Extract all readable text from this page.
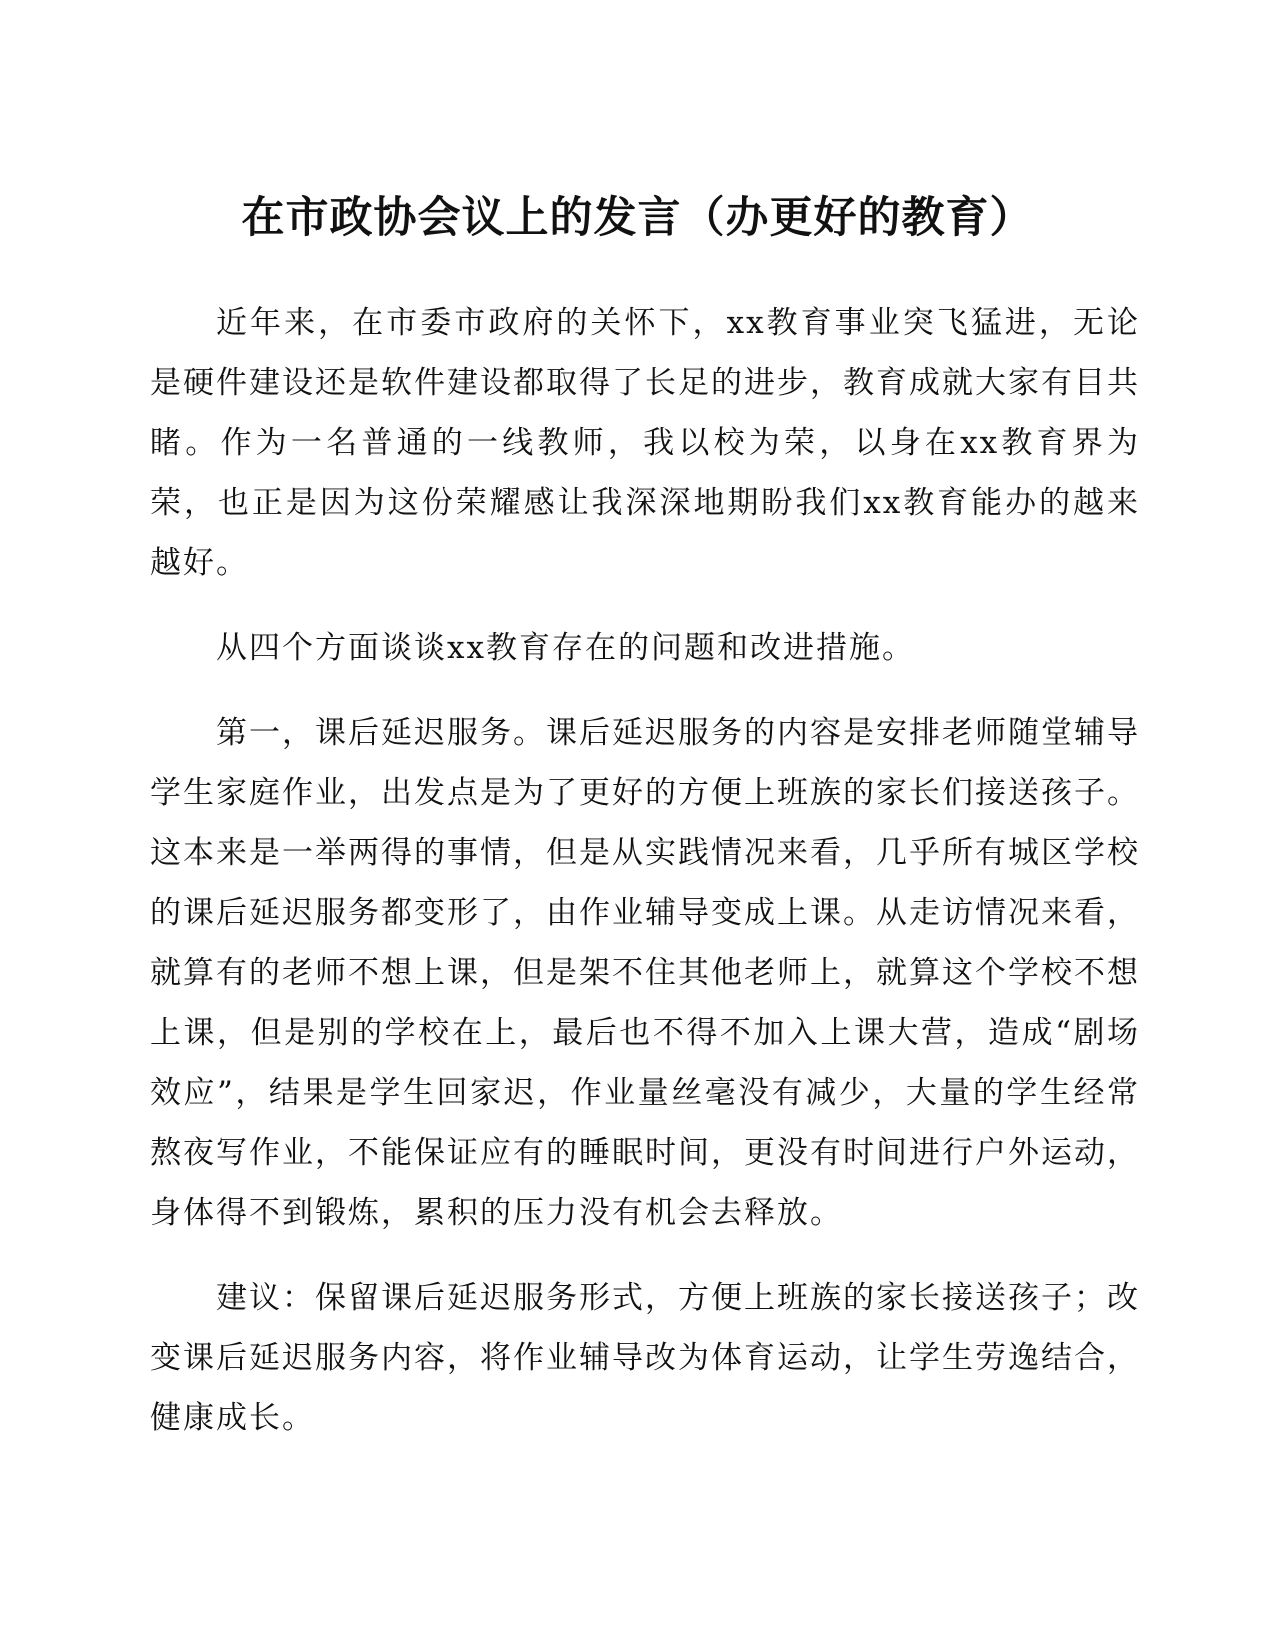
在市政协会议上的发言（办更好的教育）

近年来，在市委市政府的关怀下，xx教育事业突飞猛进，无论是硬件建设还是软件建设都取得了长足的进步，教育成就大家有目共睹。作为一名普通的一线教师，我以校为荣，以身在xx教育界为荣，也正是因为这份荣耀感让我深深地期盼我们xx教育能办的越来越好。

从四个方面谈谈xx教育存在的问题和改进措施。

第一，课后延迟服务。课后延迟服务的内容是安排老师随堂辅导学生家庭作业，出发点是为了更好的方便上班族的家长们接送孩子。这本来是一举两得的事情，但是从实践情况来看，几乎所有城区学校的课后延迟服务都变形了，由作业辅导变成上课。从走访情况来看，就算有的老师不想上课，但是架不住其他老师上，就算这个学校不想上课，但是别的学校在上，最后也不得不加入上课大营，造成“剧场效应”，结果是学生回家迟，作业量丝毫没有减少，大量的学生经常熬夜写作业，不能保证应有的睡眠时间，更没有时间进行户外运动，身体得不到锻炼，累积的压力没有机会去释放。

建议：保留课后延迟服务形式，方便上班族的家长接送孩子；改变课后延迟服务内容，将作业辅导改为体育运动，让学生劳逸结合，健康成长。
